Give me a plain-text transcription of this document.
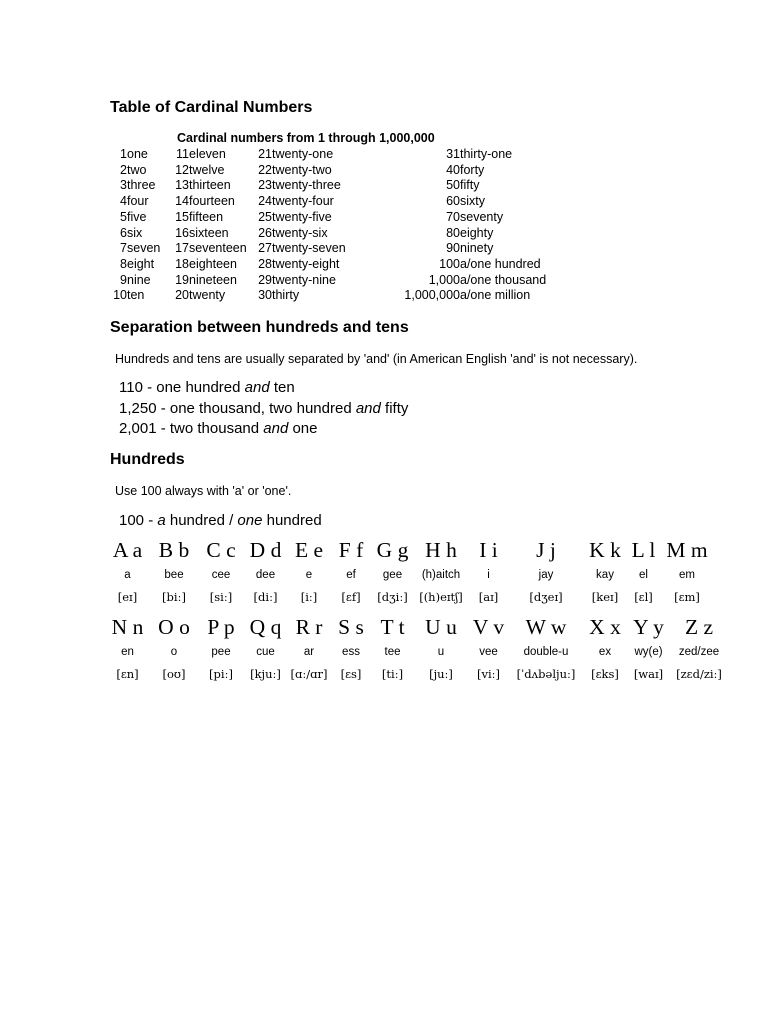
Table of Cardinal Numbers
Cardinal numbers from 1 through 1,000,000
1	one	11	eleven	21	twenty-one	31	thirty-one
2	two	12	twelve	22	twenty-two	40	forty
3	three	13	thirteen	23	twenty-three	50	fifty
4	four	14	fourteen	24	twenty-four	60	sixty
5	five	15	fifteen	25	twenty-five	70	seventy
6	six	16	sixteen	26	twenty-six	80	eighty
7	seven	17	seventeen	27	twenty-seven	90	ninety
8	eight	18	eighteen	28	twenty-eight	100	a/one hundred
9	nine	19	nineteen	29	twenty-nine	1,000	a/one thousand
10	ten	20	twenty	30	thirty	1,000,000	a/one million
Separation between hundreds and tens
Hundreds and tens are usually separated by 'and' (in American English 'and' is not necessary).
110 - one hundred and ten
1,250 - one thousand, two hundred and fifty
2,001 - two thousand and one
Hundreds
Use 100 always with 'a' or 'one'.
100 - a hundred / one hundred
A a	B b	C c	D d	E e	F f	G g	H h	I i	J j	K k	L l	M m
a	bee	cee	dee	e	ef	gee	(h)aitch	i	jay	kay	el	em
[eɪ]	[biː]	[siː]	[diː]	[iː]	[ɛf]	[dʒiː]	[(h)eɪtʃ]	[aɪ]	[dʒeɪ]	[keɪ]	[ɛl]	[ɛm]
N n	O o	P p	Q q	R r	S s	T t	U u	V v	W w	X x	Y y	Z z
en	o	pee	cue	ar	ess	tee	u	vee	double-u	ex	wy(e)	zed/zee
[ɛn]	[oʊ]	[piː]	[kjuː]	[ɑː/ɑr]	[ɛs]	[tiː]	[juː]	[viː]	[ˈdʌbəljuː]	[ɛks]	[waɪ]	[zɛd/ziː]
